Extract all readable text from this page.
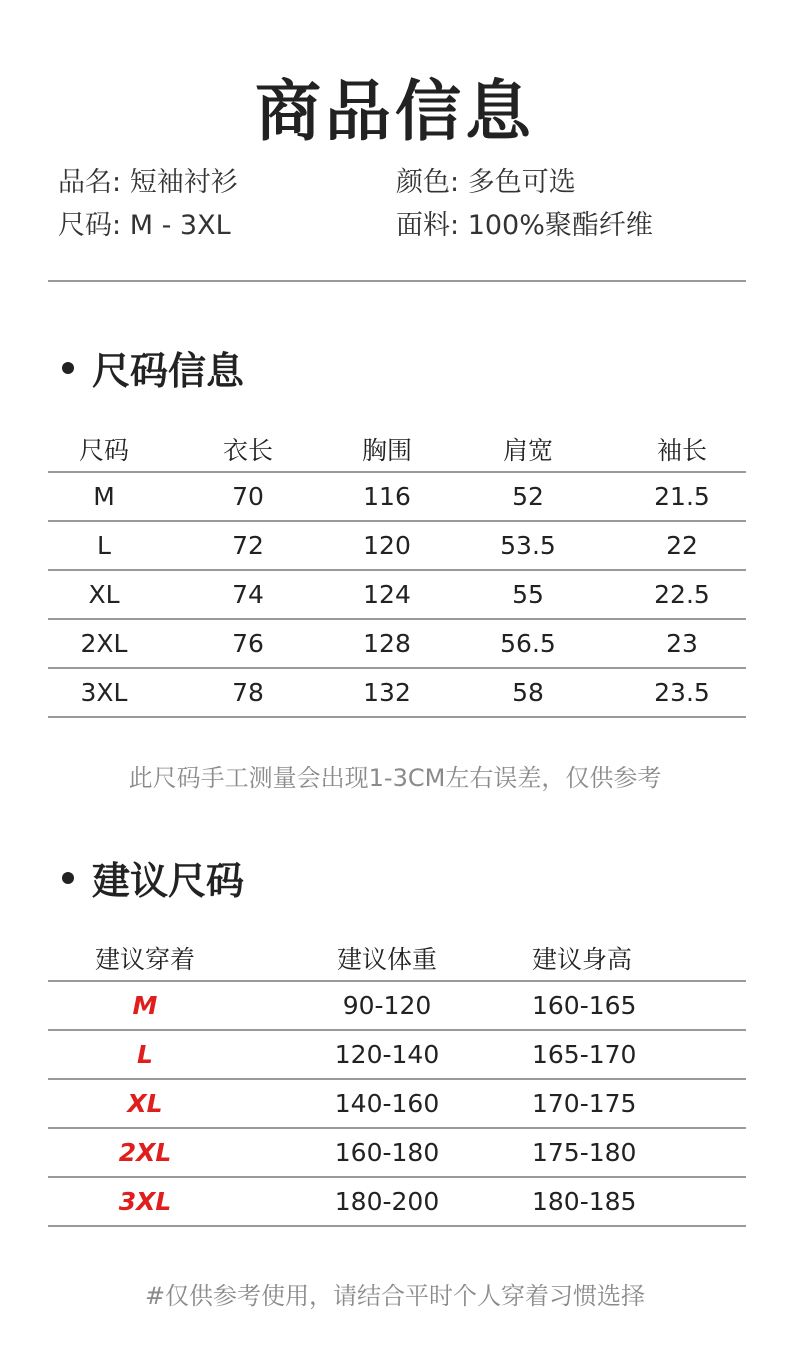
商品信息
品名: 短袖衬衫	颜色: 多色可选
尺码: M - 3XL	面料: 100%聚酯纤维
尺码信息
尺码	衣长	胸围	肩宽	袖长
M	70	116	52	21.5
L	72	120	53.5	22
XL	74	124	55	22.5
2XL	76	128	56.5	23
3XL	78	132	58	23.5
此尺码手工测量会出现1-3CM左右误差，仅供参考
建议尺码
建议穿着	建议体重	建议身高
M	90-120	160-165
L	120-140	165-170
XL	140-160	170-175
2XL	160-180	175-180
3XL	180-200	180-185
#仅供参考使用，请结合平时个人穿着习惯选择
